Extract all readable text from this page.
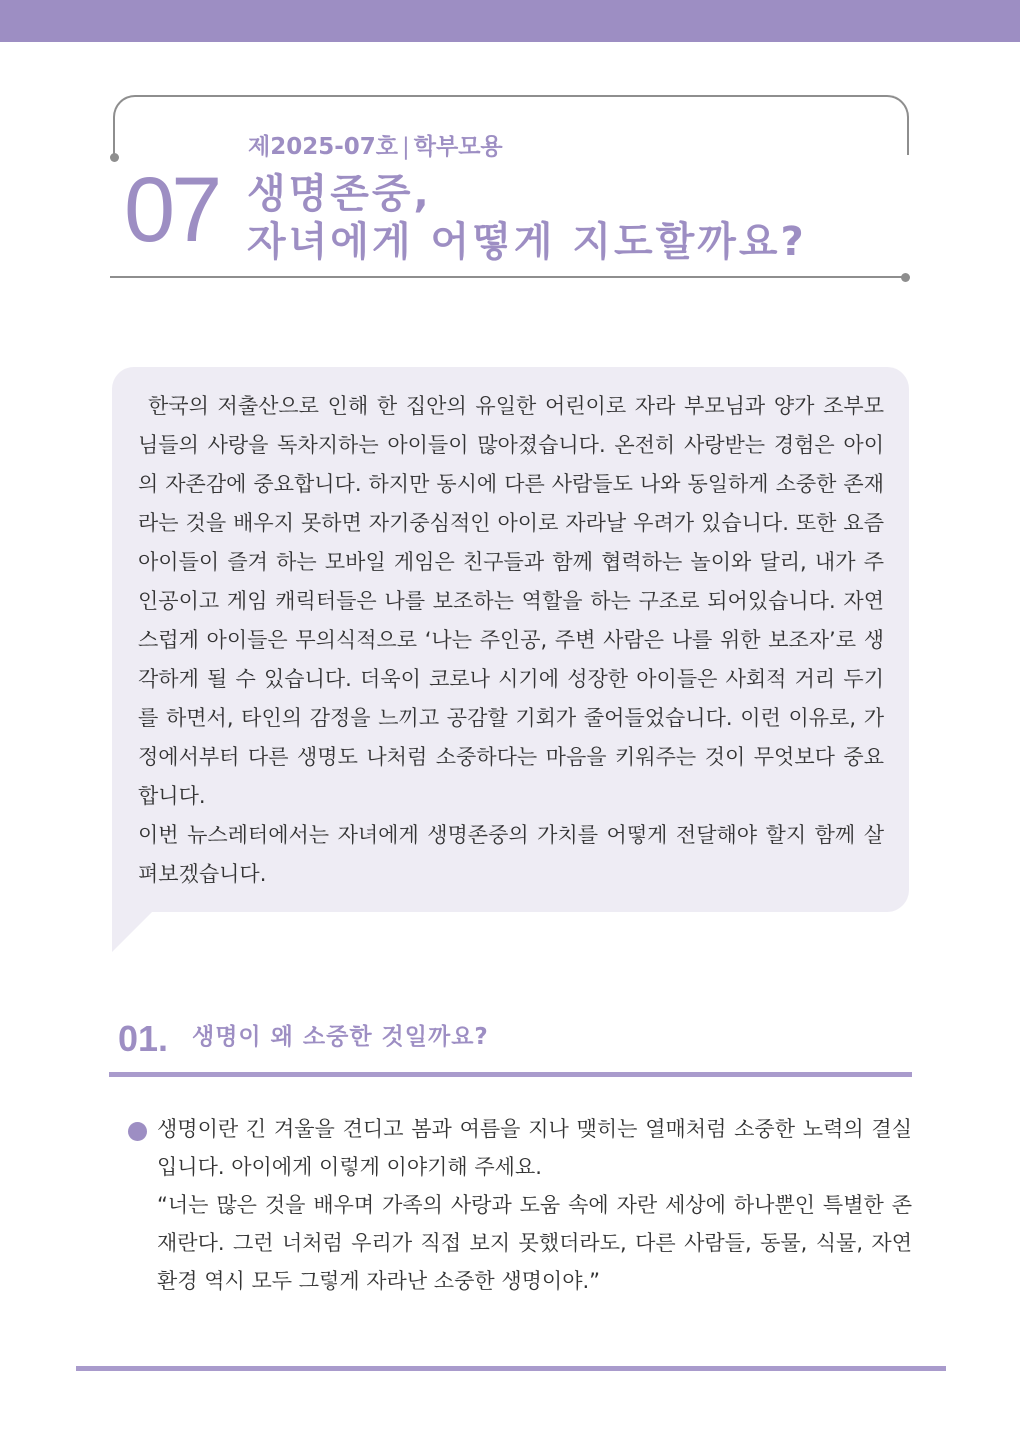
07
제2025-07호 | 학부모용
생명존중,
자녀에게 어떻게 지도할까요?

한국의 저출산으로 인해 한 집안의 유일한 어린이로 자라 부모님과 양가 조부모님들의 사랑을 독차지하는 아이들이 많아졌습니다. 온전히 사랑받는 경험은 아이의 자존감에 중요합니다. 하지만 동시에 다른 사람들도 나와 동일하게 소중한 존재라는 것을 배우지 못하면 자기중심적인 아이로 자라날 우려가 있습니다. 또한 요즘 아이들이 즐겨 하는 모바일 게임은 친구들과 함께 협력하는 놀이와 달리, 내가 주인공이고 게임 캐릭터들은 나를 보조하는 역할을 하는 구조로 되어있습니다. 자연스럽게 아이들은 무의식적으로 ‘나는 주인공, 주변 사람은 나를 위한 보조자’로 생각하게 될 수 있습니다. 더욱이 코로나 시기에 성장한 아이들은 사회적 거리 두기를 하면서, 타인의 감정을 느끼고 공감할 기회가 줄어들었습니다. 이런 이유로, 가정에서부터 다른 생명도 나처럼 소중하다는 마음을 키워주는 것이 무엇보다 중요합니다.

이번 뉴스레터에서는 자녀에게 생명존중의 가치를 어떻게 전달해야 할지 함께 살펴보겠습니다.

01. 생명이 왜 소중한 것일까요?

생명이란 긴 겨울을 견디고 봄과 여름을 지나 맺히는 열매처럼 소중한 노력의 결실입니다. 아이에게 이렇게 이야기해 주세요.

“너는 많은 것을 배우며 가족의 사랑과 도움 속에 자란 세상에 하나뿐인 특별한 존재란다. 그런 너처럼 우리가 직접 보지 못했더라도, 다른 사람들, 동물, 식물, 자연환경 역시 모두 그렇게 자라난 소중한 생명이야.”
